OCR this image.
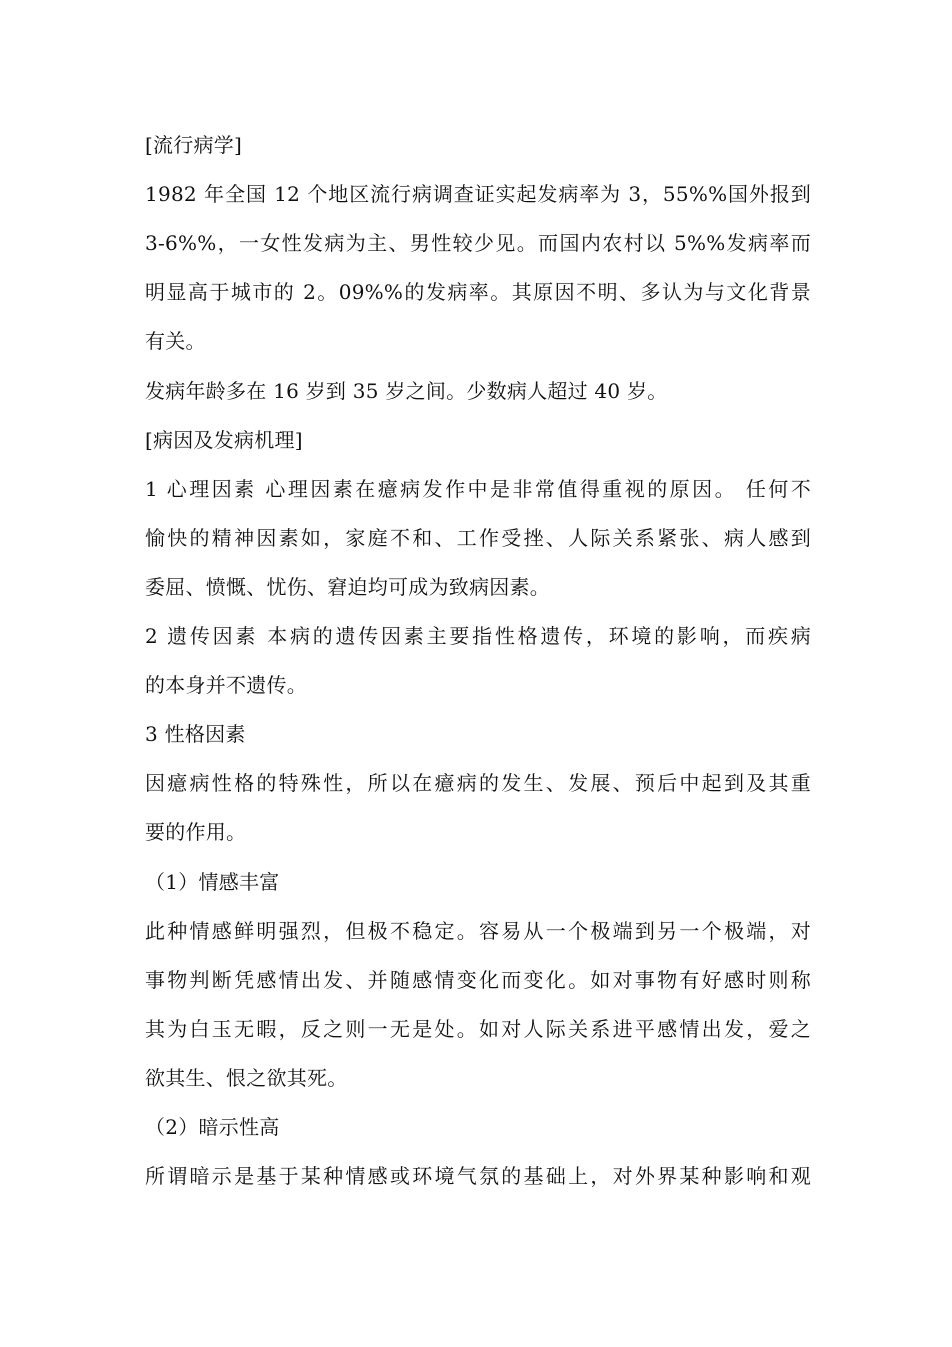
[流行病学]
1982 年全国 12 个地区流行病调查证实起发病率为 3，55%%国外报到
3-6%%，一女性发病为主、男性较少见。而国内农村以 5%%发病率而
明显高于城市的 2。09%%的发病率。其原因不明、多认为与文化背景
有关。
发病年龄多在 16 岁到 35 岁之间。少数病人超过 40 岁。
[病因及发病机理]
1 心理因素 心理因素在癔病发作中是非常值得重视的原因。 任何不
愉快的精神因素如，家庭不和、工作受挫、人际关系紧张、病人感到
委屈、愤慨、忧伤、窘迫均可成为致病因素。
2 遗传因素 本病的遗传因素主要指性格遗传，环境的影响，而疾病
的本身并不遗传。
3 性格因素
因癔病性格的特殊性，所以在癔病的发生、发展、预后中起到及其重
要的作用。
（1）情感丰富
此种情感鲜明强烈，但极不稳定。容易从一个极端到另一个极端，对
事物判断凭感情出发、并随感情变化而变化。如对事物有好感时则称
其为白玉无暇，反之则一无是处。如对人际关系进平感情出发，爱之
欲其生、恨之欲其死。
（2）暗示性高
所谓暗示是基于某种情感或环境气氛的基础上，对外界某种影响和观
